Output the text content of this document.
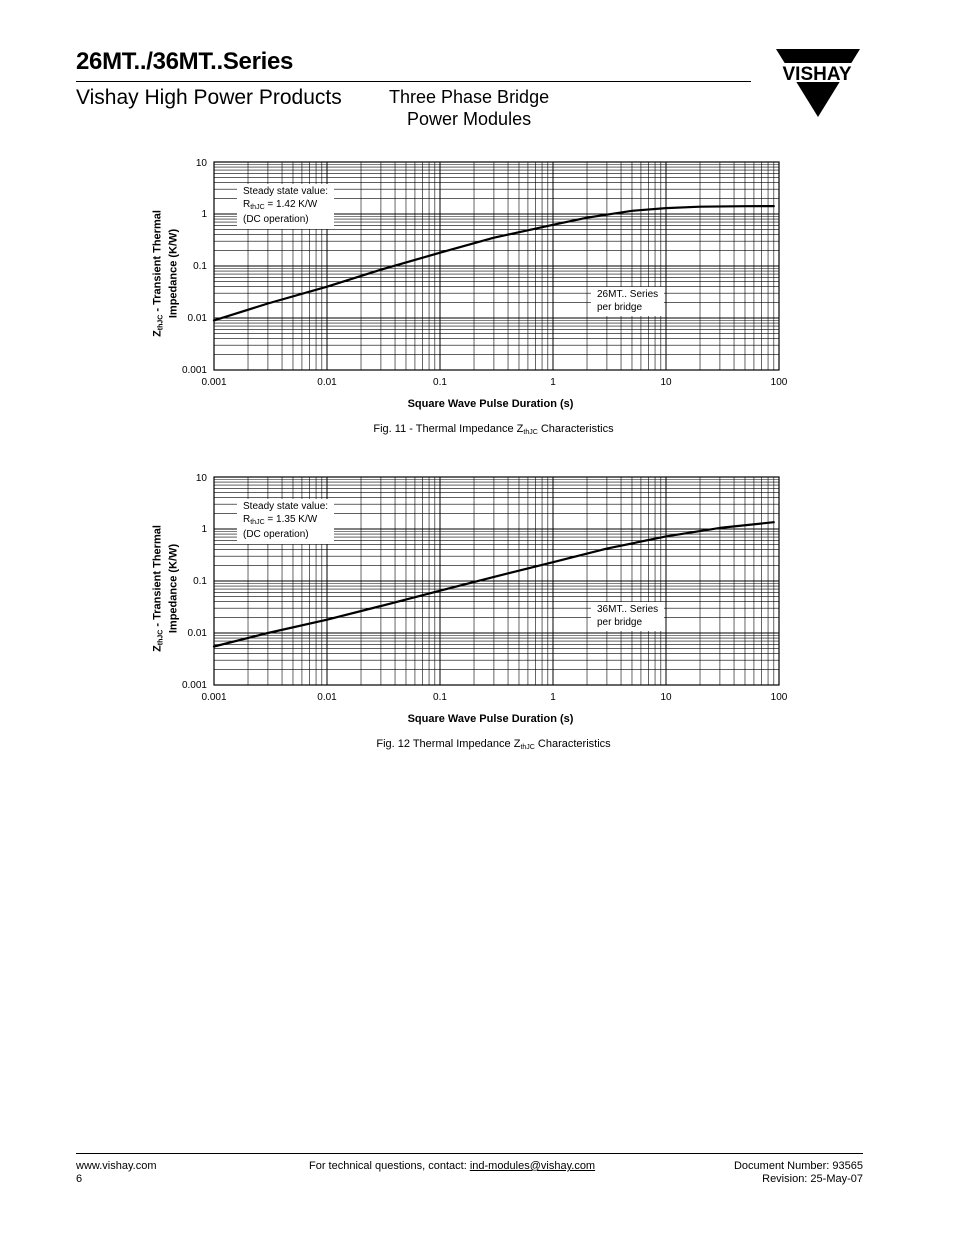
26MT../36MT..Series
Vishay High Power Products	Three Phase Bridge
Power Modules
VISHAY
$Z_{thJC}$ - Transient Thermal Impedance (K/W)
10
1
0.1
0.01
0.001
Steady state value:
$R_{thJC} = 1.42$ K/W
(DC operation)
26MT.. Series
per bridge
0.001	0.01	0.1	1	10	100
Square Wave Pulse Duration (s)
Fig. 11 - Thermal Impedance $Z_{thJC}$ Characteristics
$Z_{thJC}$ - Transient Thermal Impedance (K/W)
10
1
0.1
0.01
0.001
Steady state value:
$R_{thJC} = 1.35$ K/W
(DC operation)
36MT.. Series
per bridge
0.001	0.01	0.1	1	10	100
Square Wave Pulse Duration (s)
Fig. 12 Thermal Impedance $Z_{thJC}$ Characteristics
www.vishay.com
6
For technical questions, contact: ind-modules@vishay.com	Document Number: 93565
Revision: 25-May-07
